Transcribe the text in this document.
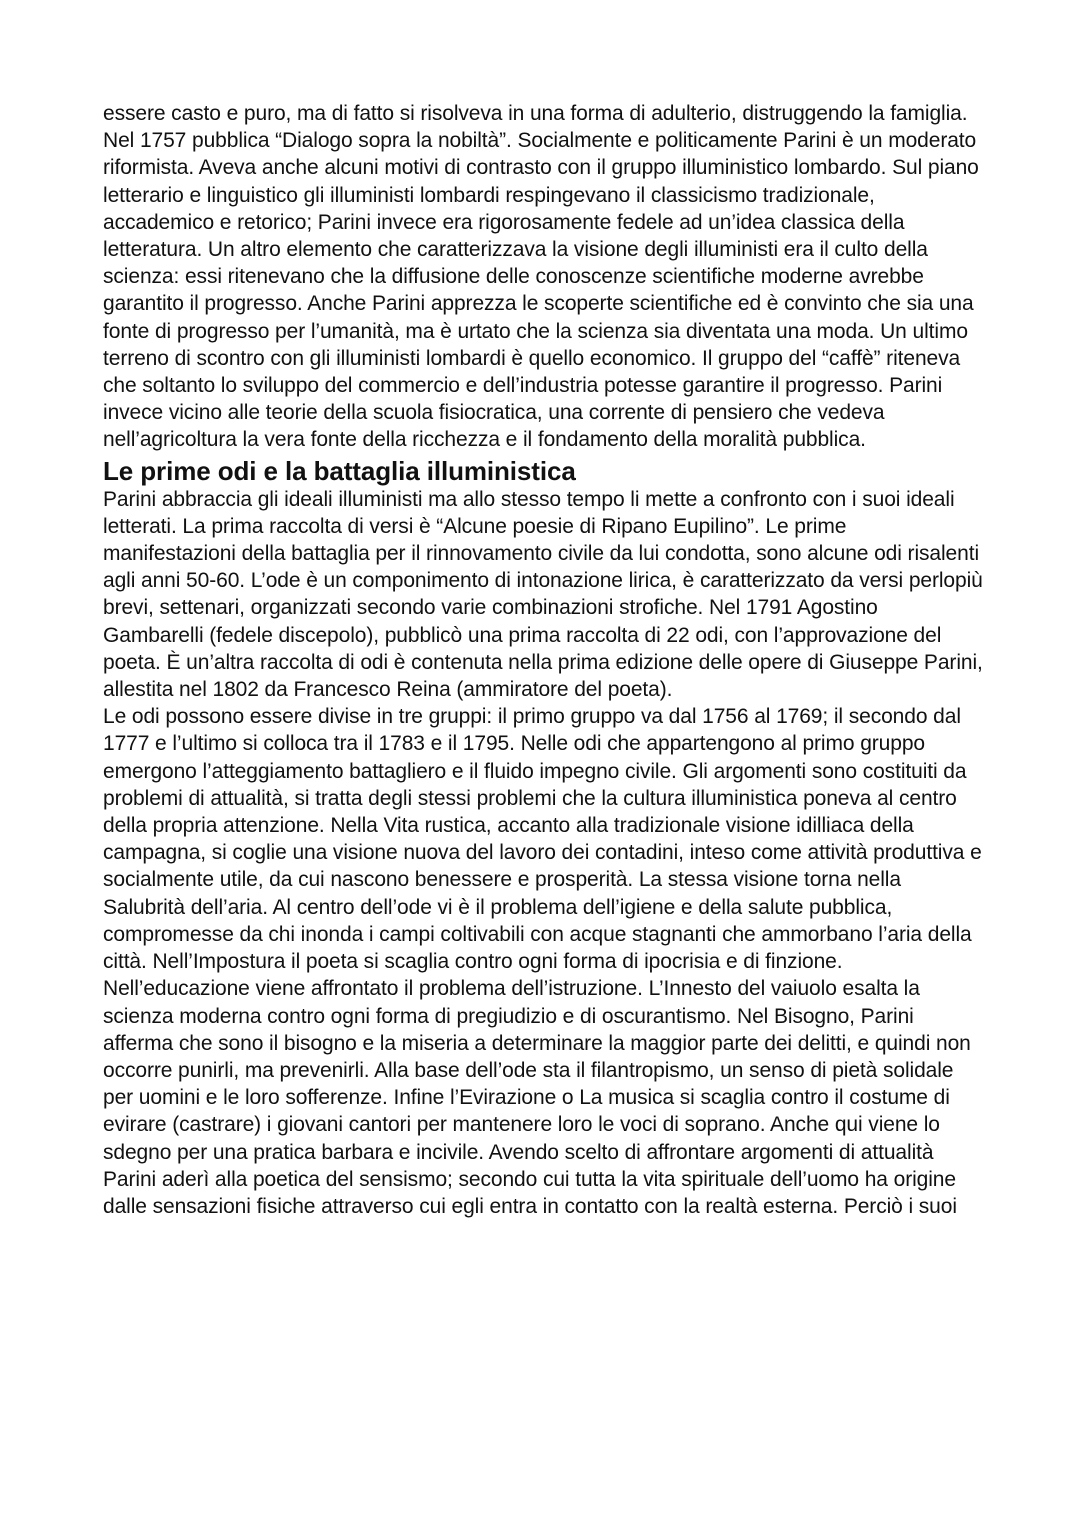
essere casto e puro, ma di fatto si risolveva in una forma di adulterio, distruggendo la famiglia. Nel 1757 pubblica “Dialogo sopra la nobiltà”. Socialmente e politicamente Parini è un moderato riformista. Aveva anche alcuni motivi di contrasto con il gruppo illuministico lombardo. Sul piano letterario e linguistico gli illuministi lombardi respingevano il classicismo tradizionale, accademico e retorico; Parini invece era rigorosamente fedele ad un’idea classica della letteratura. Un altro elemento che caratterizzava la visione degli illuministi era il culto della scienza: essi ritenevano che la diffusione delle conoscenze scientifiche moderne avrebbe garantito il progresso. Anche Parini apprezza le scoperte scientifiche ed è convinto che sia una fonte di progresso per l’umanità, ma è urtato che la scienza sia diventata una moda. Un ultimo terreno di scontro con gli illuministi lombardi è quello economico. Il gruppo del “caffè” riteneva che soltanto lo sviluppo del commercio e dell’industria potesse garantire il progresso. Parini invece vicino alle teorie della scuola fisiocratica, una corrente di pensiero che vedeva nell’agricoltura la vera fonte della ricchezza e il fondamento della moralità pubblica.

Le prime odi e la battaglia illuministica

Parini abbraccia gli ideali illuministi ma allo stesso tempo li mette a confronto con i suoi ideali letterati. La prima raccolta di versi è “Alcune poesie di Ripano Eupilino”. Le prime manifestazioni della battaglia per il rinnovamento civile da lui condotta, sono alcune odi risalenti agli anni 50-60. L’ode è un componimento di intonazione lirica, è caratterizzato da versi perlopiù brevi, settenari, organizzati secondo varie combinazioni strofiche. Nel 1791 Agostino Gambarelli (fedele discepolo), pubblicò una prima raccolta di 22 odi, con l’approvazione del poeta. È un’altra raccolta di odi è contenuta nella prima edizione delle opere di Giuseppe Parini, allestita nel 1802 da Francesco Reina (ammiratore del poeta).

Le odi possono essere divise in tre gruppi: il primo gruppo va dal 1756 al 1769; il secondo dal 1777 e l’ultimo si colloca tra il 1783 e il 1795. Nelle odi che appartengono al primo gruppo emergono l’atteggiamento battagliero e il fluido impegno civile. Gli argomenti sono costituiti da problemi di attualità, si tratta degli stessi problemi che la cultura illuministica poneva al centro della propria attenzione. Nella Vita rustica, accanto alla tradizionale visione idilliaca della campagna, si coglie una visione nuova del lavoro dei contadini, inteso come attività produttiva e socialmente utile, da cui nascono benessere e prosperità. La stessa visione torna nella Salubrità dell’aria. Al centro dell’ode vi è il problema dell’igiene e della salute pubblica, compromesse da chi inonda i campi coltivabili con acque stagnanti che ammorbano l’aria della città. Nell’Impostura il poeta si scaglia contro ogni forma di ipocrisia e di finzione. Nell’educazione viene affrontato il problema dell’istruzione. L’Innesto del vaiuolo esalta la scienza moderna contro ogni forma di pregiudizio e di oscurantismo. Nel Bisogno, Parini afferma che sono il bisogno e la miseria a determinare la maggior parte dei delitti, e quindi non occorre punirli, ma prevenirli. Alla base dell’ode sta il filantropismo, un senso di pietà solidale per uomini e le loro sofferenze. Infine l’Evirazione o La musica si scaglia contro il costume di evirare (castrare) i giovani cantori per mantenere loro le voci di soprano. Anche qui viene lo sdegno per una pratica barbara e incivile. Avendo scelto di affrontare argomenti di attualità Parini aderì alla poetica del sensismo; secondo cui tutta la vita spirituale dell’uomo ha origine dalle sensazioni fisiche attraverso cui egli entra in contatto con la realtà esterna. Perciò i suoi
